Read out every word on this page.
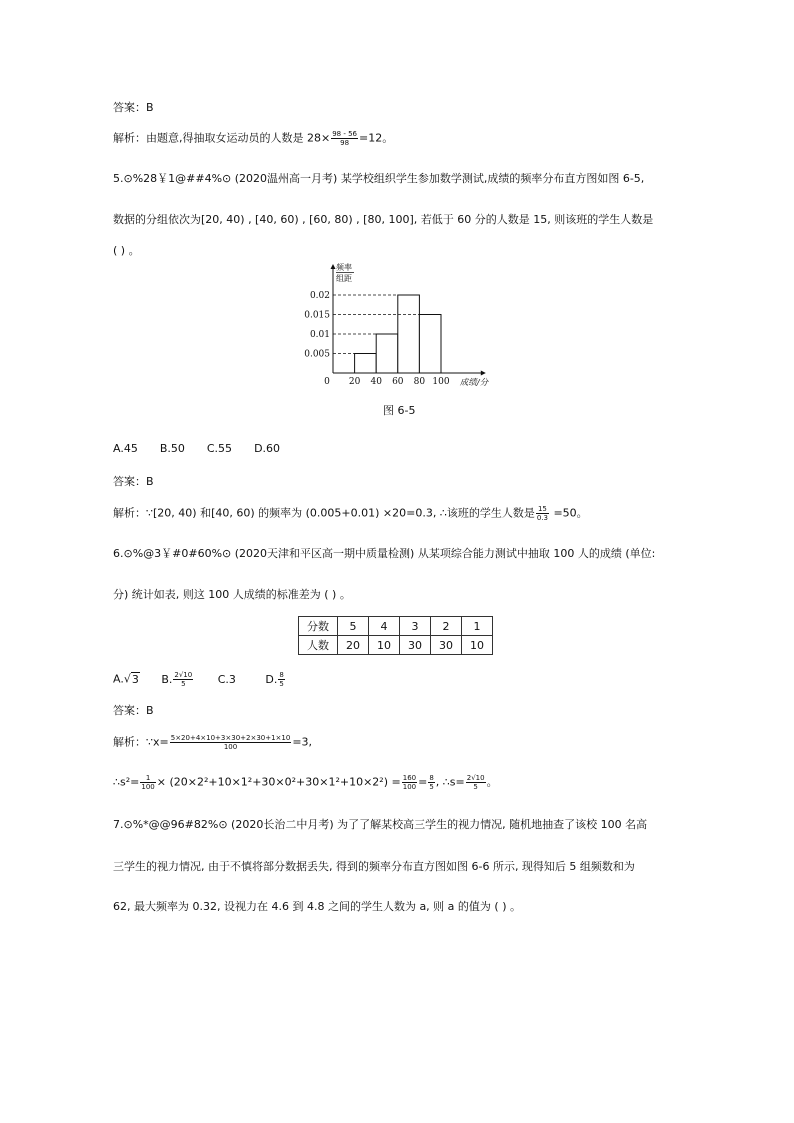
答案：B
解析：由题意,得抽取女运动员的人数是 $28\times \frac{98 - 56}{98} =12$。
5.⊙%28￥1@##4%⊙ (2020温州高一月考) 某学校组织学生参加数学测试,成绩的频率分布直方图如图 6-5,
数据的分组依次为[20, 40) , [40, 60) , [60, 80) , [80, 100], 若低于 60 分的人数是 15, 则该班的学生人数是
( ) 。
频率
组距
0.005
0.01
0.015
0.02
20 40 60 80 100
0	成绩/分
图 6-5
A.45 B.50 C.55 D.60
答案：B
解析：∵[20, 40) 和[40, 60) 的频率为 (0.005+0.01) ×20=0.3, ∴该班的学生人数是 $\frac{15}{0.3} =50$。
6.⊙%@3￥#0#60%⊙ (2020天津和平区高一期中质量检测) 从某项综合能力测试中抽取 100 人的成绩 (单位:
分) 统计如表, 则这 100 人成绩的标准差为 ( ) 。
分数	5	4	3	2	1
人数	20	10	30	30	10
A.√3 B. $\frac{2√10}{5} C.3$	D. $\frac{8}{5}$
答案：B
解析：∵x= $\frac{5\times 20+4\times 10+3\times 30+2\times 30+1\times 10}{100} =3$,
∴s²= $\frac{1}{100} \times (20\times 2^2+10\times 1^2+30\times 0^2+30\times 1^2+10\times 2^2) = \frac{160}{100} = \frac{8}{5}$ , ∴s= $\frac{2√10}{5}$ 。
7.⊙%*@@96#82%⊙ (2020长治二中月考) 为了了解某校高三学生的视力情况, 随机地抽查了该校 100 名高
三学生的视力情况, 由于不慎将部分数据丢失, 得到的频率分布直方图如图 6-6 所示, 现得知后 5 组频数和为
62, 最大频率为 0.32, 设视力在 4.6 到 4.8 之间的学生人数为 a, 则 a 的值为 ( ) 。
